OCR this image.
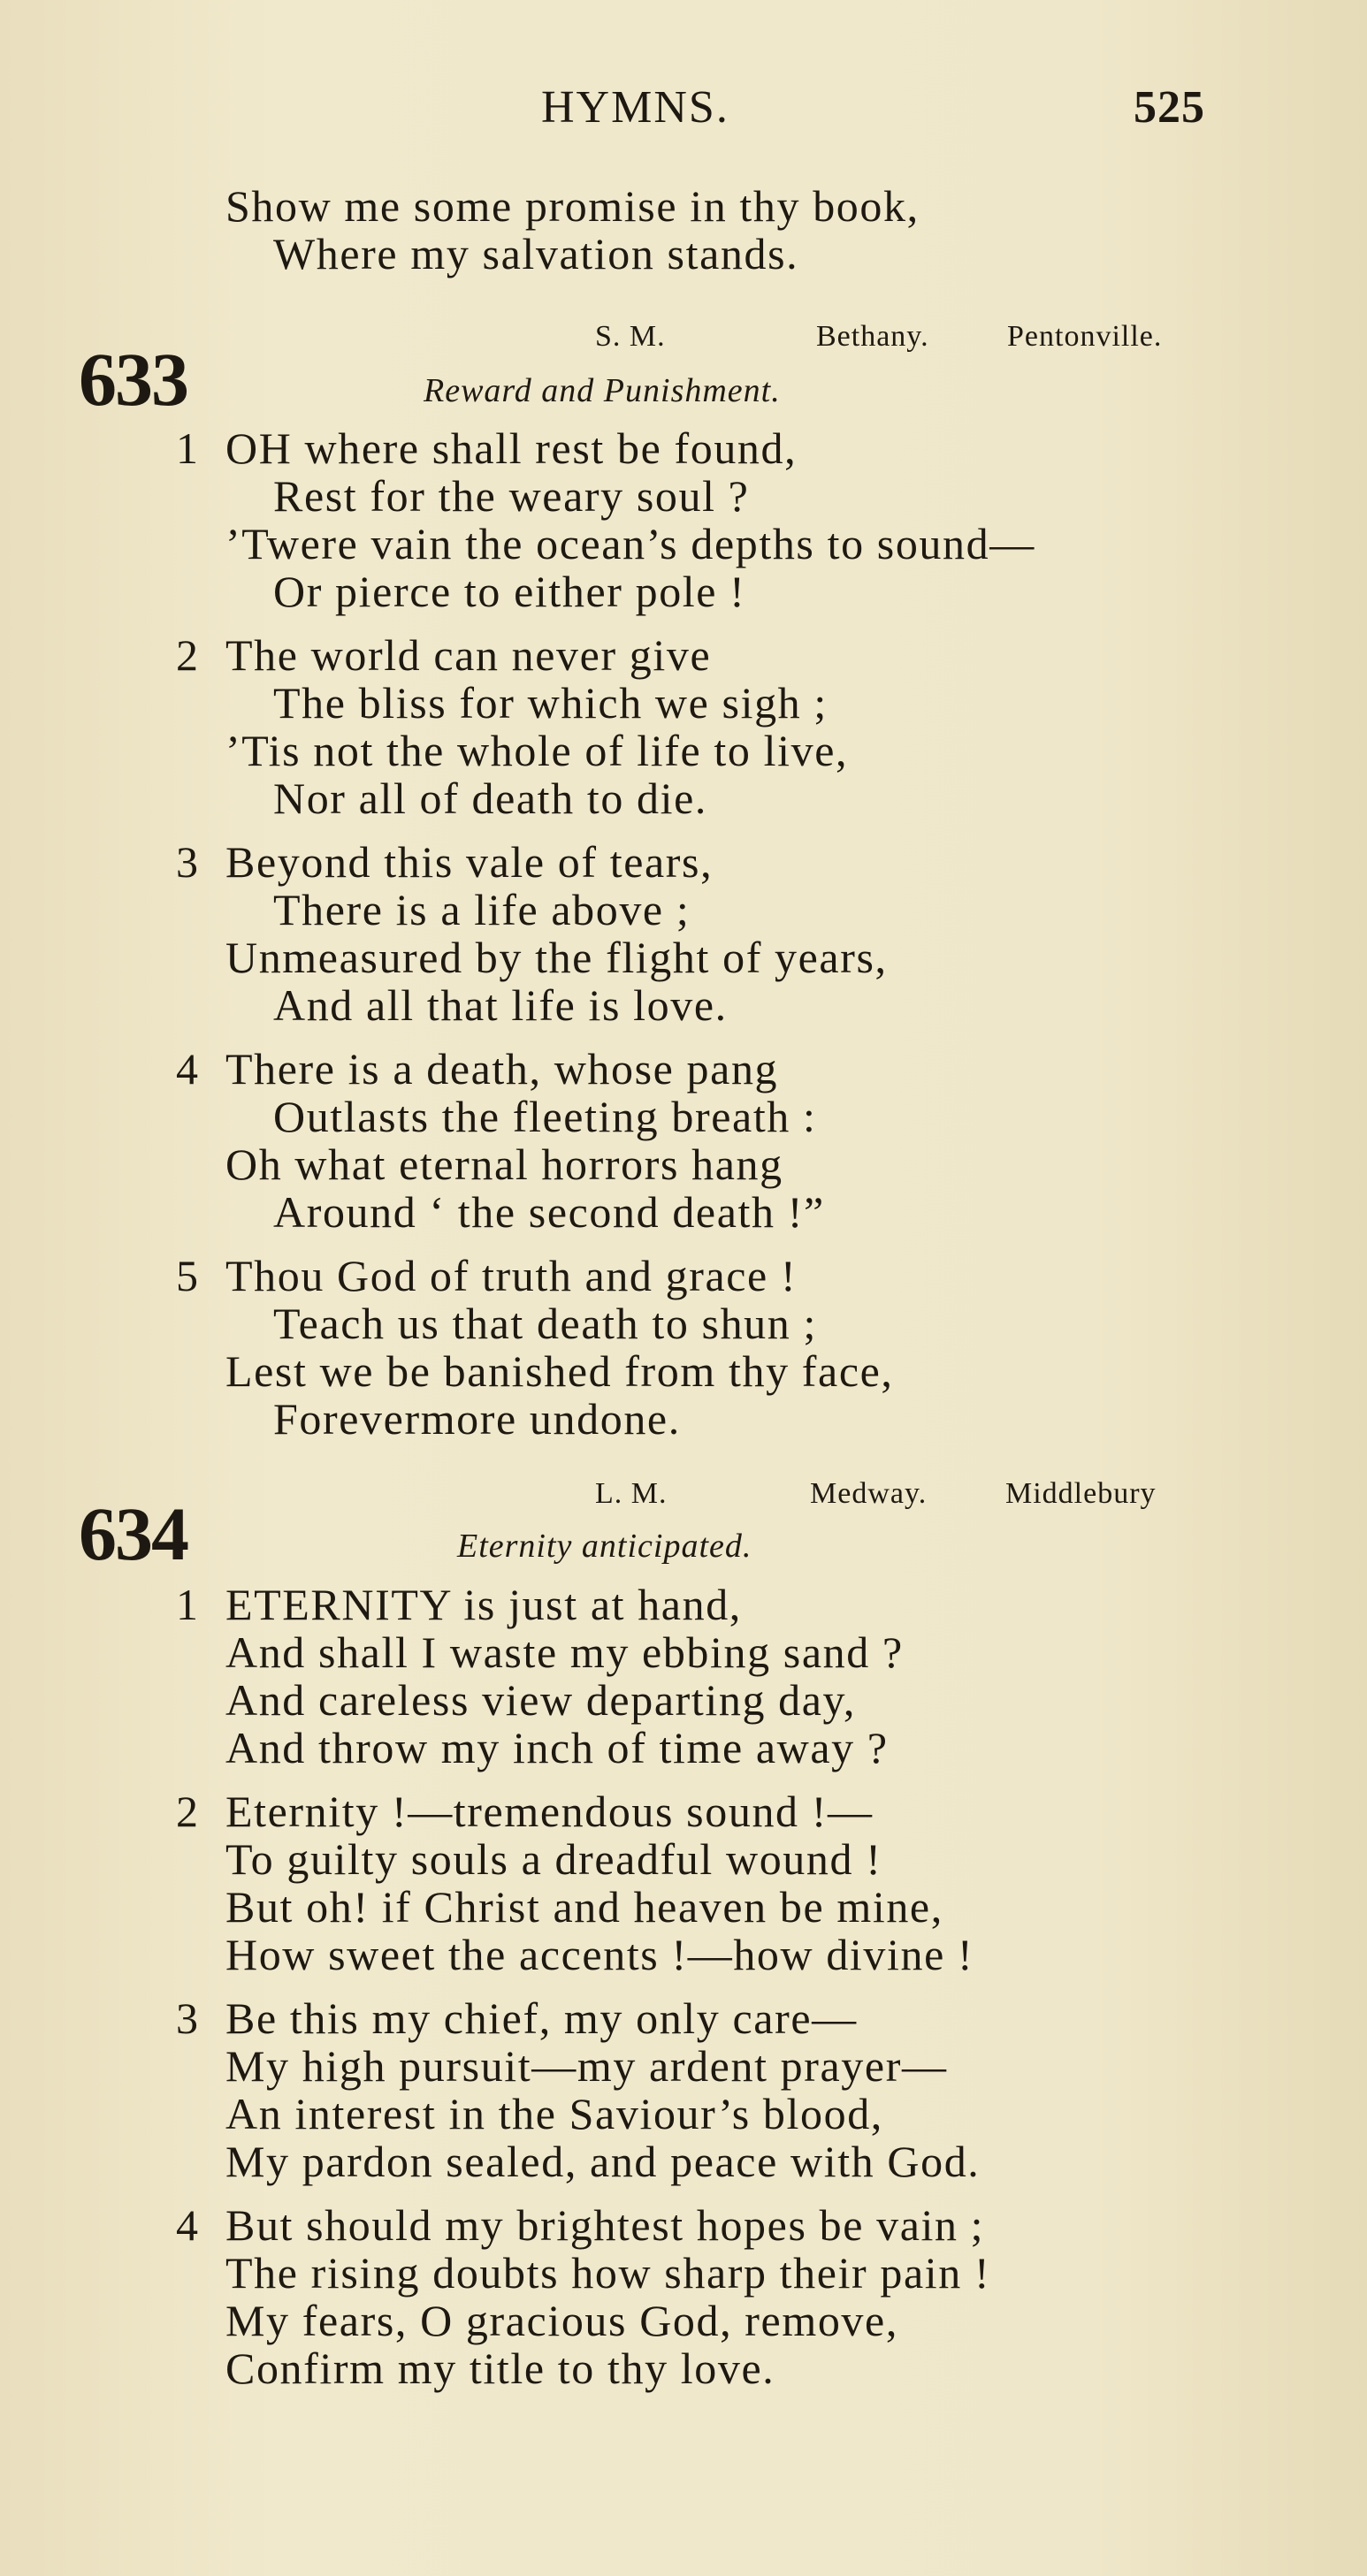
HYMNS.	525
Show me some promise in thy book,
Where my salvation stands.
633
S. M.	Bethany.	Pentonville.
Reward and Punishment.
1 OH where shall rest be found,
Rest for the weary soul ?
’Twere vain the ocean’s depths to sound—
Or pierce to either pole !
2 The world can never give
The bliss for which we sigh ;
’Tis not the whole of life to live,
Nor all of death to die.
3 Beyond this vale of tears,
There is a life above ;
Unmeasured by the flight of years,
And all that life is love.
4 There is a death, whose pang
Outlasts the fleeting breath :
Oh what eternal horrors hang
Around ‘ the second death !”
5 Thou God of truth and grace !
Teach us that death to shun ;
Lest we be banished from thy face,
Forevermore undone.
634	L. M.	Medway.	Middlebury
Eternity anticipated.
1 ETERNITY is just at hand,
And shall I waste my ebbing sand ?
And careless view departing day,
And throw my inch of time away ?
2 Eternity !—tremendous sound !—
To guilty souls a dreadful wound !
But oh! if Christ and heaven be mine,
How sweet the accents !—how divine !
3 Be this my chief, my only care—
My high pursuit—my ardent prayer—
An interest in the Saviour’s blood,
My pardon sealed, and peace with God.
4 But should my brightest hopes be vain ;
The rising doubts how sharp their pain !
My fears, O gracious God, remove,
Confirm my title to thy love.
